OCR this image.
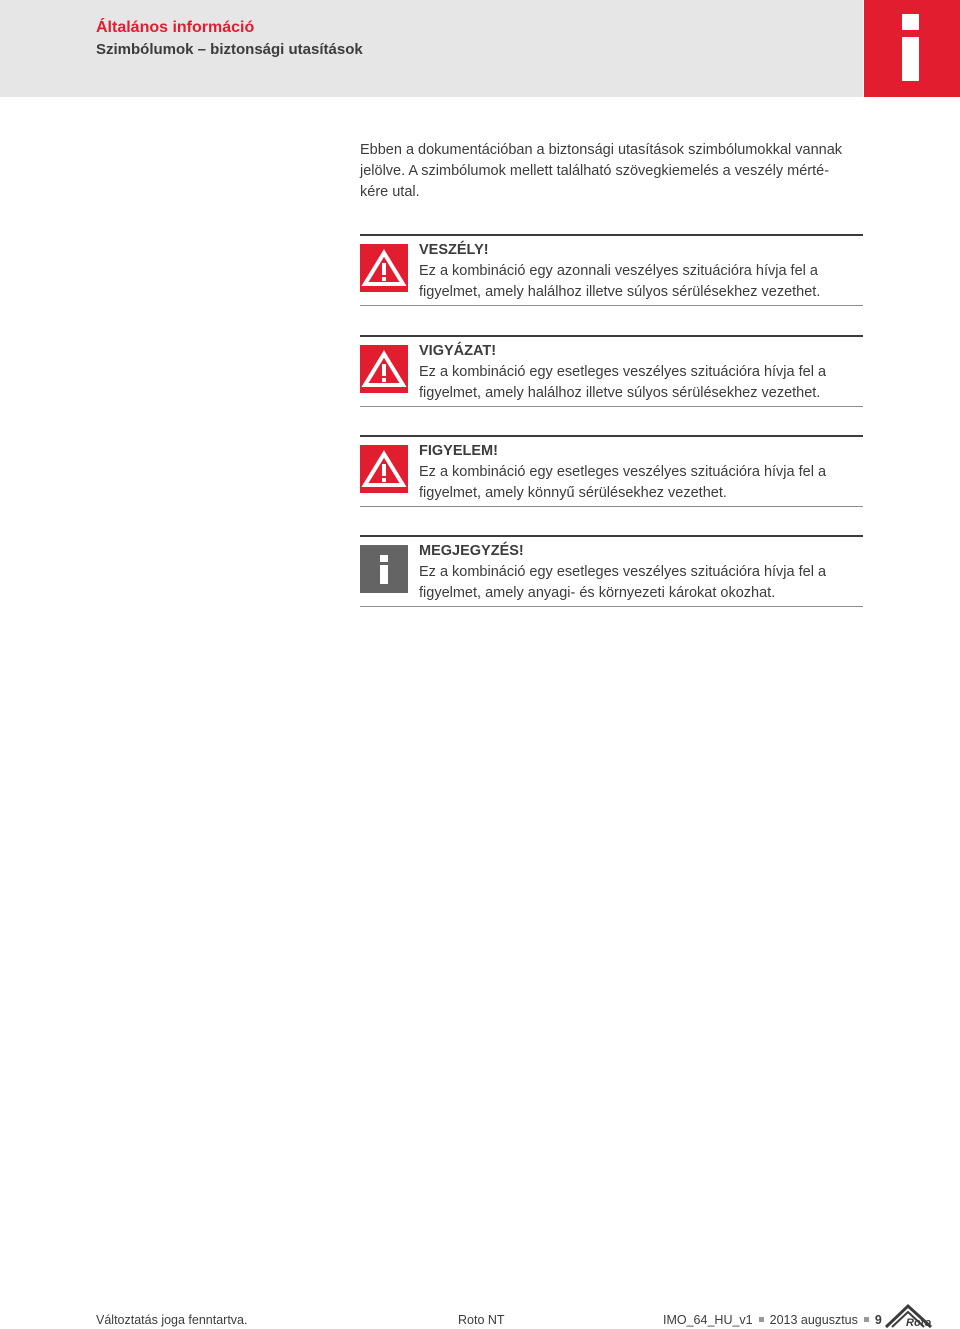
Általános információ
Szimbólumok – biztonsági utasítások
Ebben a dokumentációban a biztonsági utasítások szimbólumokkal vannak
jelölve. A szimbólumok mellett található szövegkiemelés a veszély mérté-
kére utal.
VESZÉLY!
Ez a kombináció egy azonnali veszélyes szituációra hívja fel a
figyelmet, amely halálhoz illetve súlyos sérülésekhez vezethet.
VIGYÁZAT!
Ez a kombináció egy esetleges veszélyes szituációra hívja fel a
figyelmet, amely halálhoz illetve súlyos sérülésekhez vezethet.
FIGYELEM!
Ez a kombináció egy esetleges veszélyes szituációra hívja fel a
figyelmet, amely könnyű sérülésekhez vezethet.
MEGJEGYZÉS!
Ez a kombináció egy esetleges veszélyes szituációra hívja fel a
figyelmet, amely anyagi- és környezeti károkat okozhat.
Változtatás joga fenntartva.	Roto NT	IMO_64_HU_v1 2013 augusztus 9 Roto
